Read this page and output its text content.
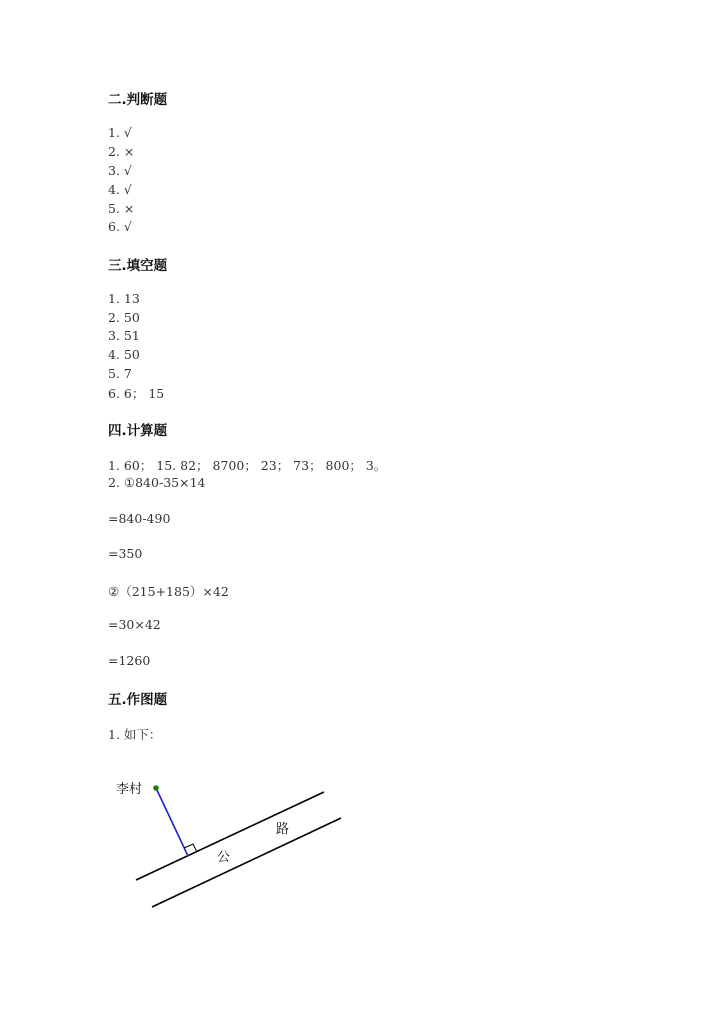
二.判断题
1. √
2. ×
3. √
4. √
5. ×
6. √
三.填空题
1. 13
2. 50
3. 51
4. 50
5. 7
6. 6； 15
四.计算题
1. 60； 15. 82； 8700； 23； 73； 800； 3。
2. ①840-35×14
=840-490
=350
②（215+185）×42
=30×42
=1260
五.作图题
1. 如下：
李村
公
路
